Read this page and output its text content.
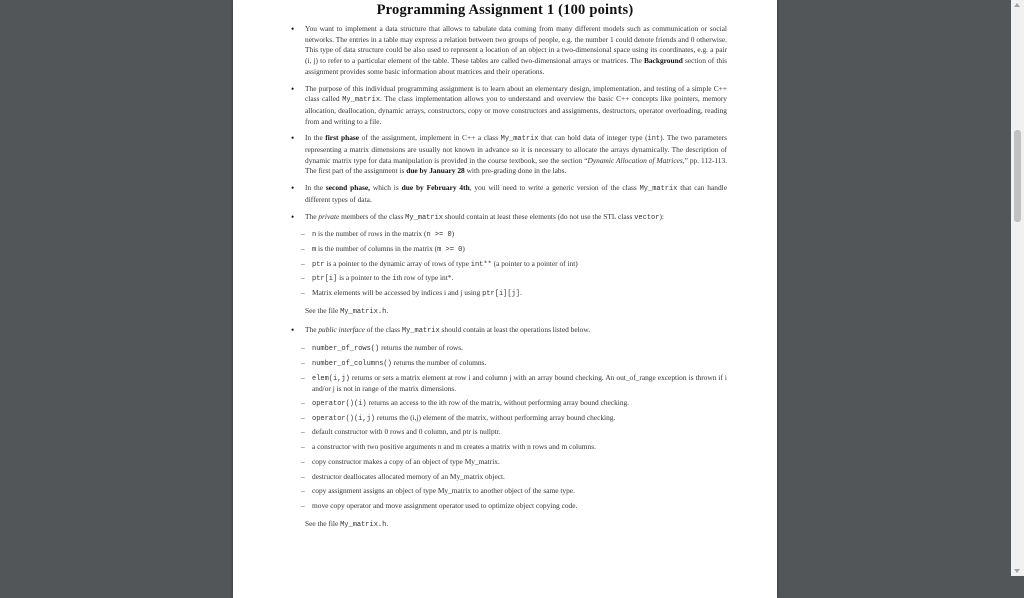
Programming Assignment 1 (100 points)
• You want to implement a data structure that allows to tabulate data coming from many different models such as communication or social networks. The entries in a table may express a relation between two groups of people, e.g. the number 1 could denote friends and 0 otherwise. This type of data structure could be also used to represent a location of an object in a two-dimensional space using its coordinates, e.g. a pair (i, j) to refer to a particular element of the table. These tables are called two-dimensional arrays or matrices. The Background section of this assignment provides some basic information about matrices and their operations.
• The purpose of this individual programming assignment is to learn about an elementary design, implementation, and testing of a simple C++ class called My_matrix. The class implementation allows you to understand and overview the basic C++ concepts like pointers, memory allocation, deallocation, dynamic arrays, constructors, copy or move constructors and assignments, destructors, operator overloading, reading from and writing to a file.
• In the first phase of the assignment, implement in C++ a class My_matrix that can hold data of integer type (int). The two parameters representing a matrix dimensions are usually not known in advance so it is necessary to allocate the arrays dynamically. The description of dynamic matrix type for data manipulation is provided in the course textbook, see the section “Dynamic Allocation of Matrices,” pp. 112-113. The first part of the assignment is due by January 28 with pre-grading done in the labs.
• In the second phase, which is due by February 4th, you will need to write a generic version of the class My_matrix that can handle different types of data.
• The private members of the class My_matrix should contain at least these elements (do not use the STL class vector):
– n is the number of rows in the matrix (n >= 0)
– m is the number of columns in the matrix (m >= 0)
– ptr is a pointer to the dynamic array of rows of type int** (a pointer to a pointer of int)
– ptr[i] is a pointer to the ith row of type int*.
– Matrix elements will be accessed by indices i and j using ptr[i][j].
See the file My_matrix.h.
• The public interface of the class My_matrix should contain at least the operations listed below.
– number_of_rows() returns the number of rows.
– number_of_columns() returns the number of columns.
– elem(i,j) returns or sets a matrix element at row i and column j with an array bound checking. An out_of_range exception is thrown if i and/or j is not in range of the matrix dimensions.
– operator()(i) returns an access to the ith row of the matrix, without performing array bound checking.
– operator()(i,j) returns the (i,j) element of the matrix, without performing array bound checking.
– default constructor with 0 rows and 0 column, and ptr is nullptr.
– a constructor with two positive arguments n and m creates a matrix with n rows and m columns.
– copy constructor makes a copy of an object of type My_matrix.
– destructor deallocates allocated memory of an My_matrix object.
– copy assignment assigns an object of type My_matrix to another object of the same type.
– move copy operator and move assignment operator used to optimize object copying code.
See the file My_matrix.h.
